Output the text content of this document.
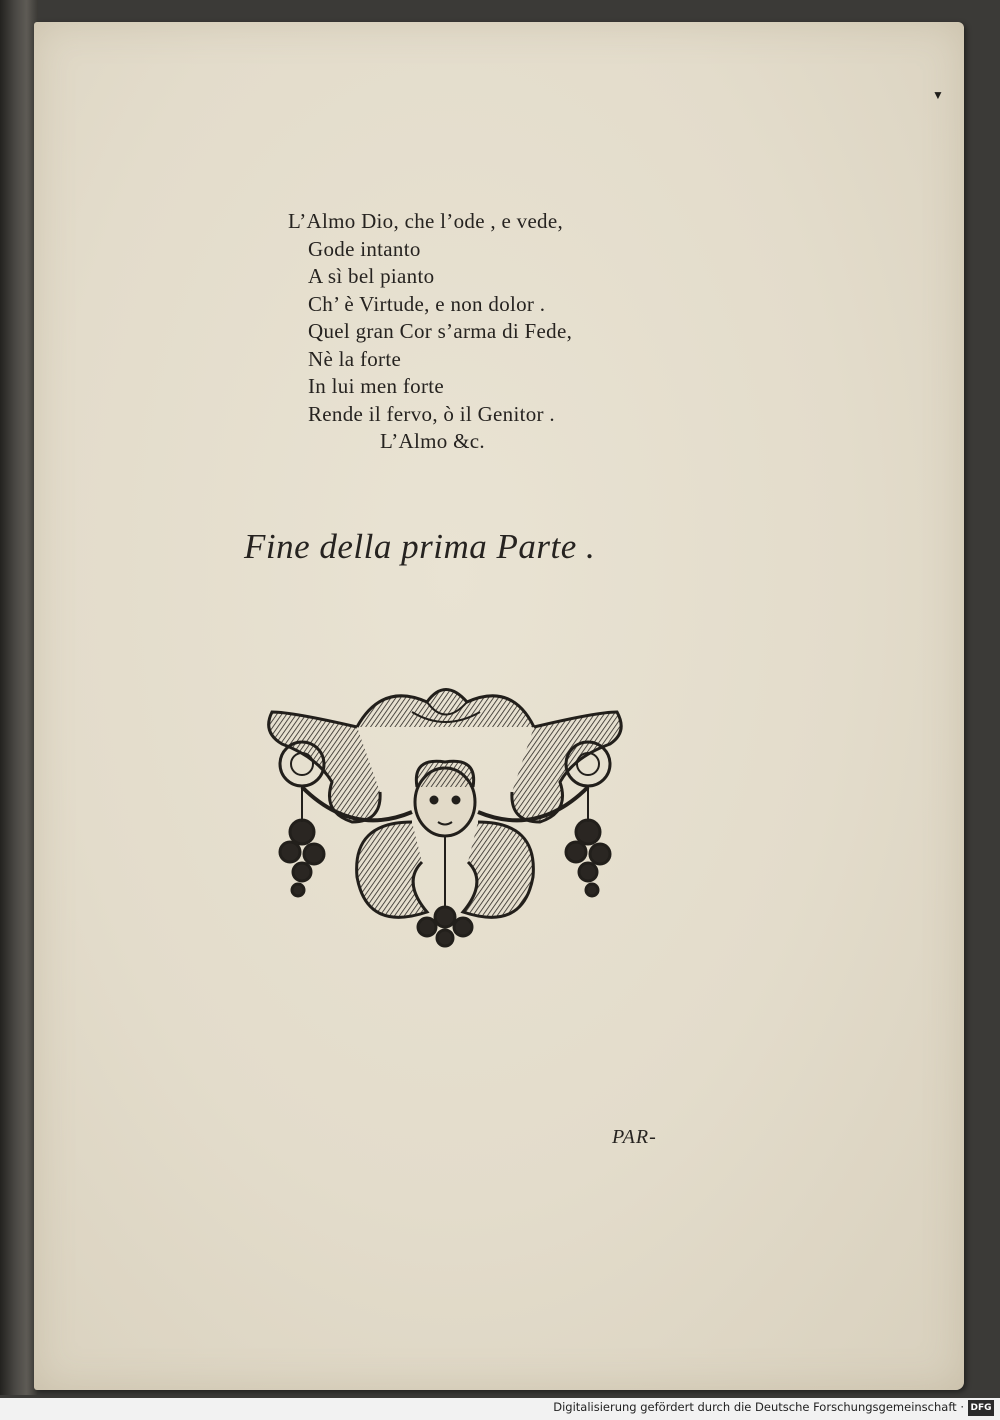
▼
L’Almo Dio, che l’ode , e vede,
Gode intanto
A sì bel pianto
Ch’ è Virtude, e non dolor .
Quel gran Cor s’arma di Fede,
Nè la forte
In lui men forte
Rende il fervo, ò il Genitor .
L’Almo &c.
Fine della prima Parte .
PAR-
Digitalisierung gefördert durch die Deutsche Forschungsgemeinschaft · DFG
